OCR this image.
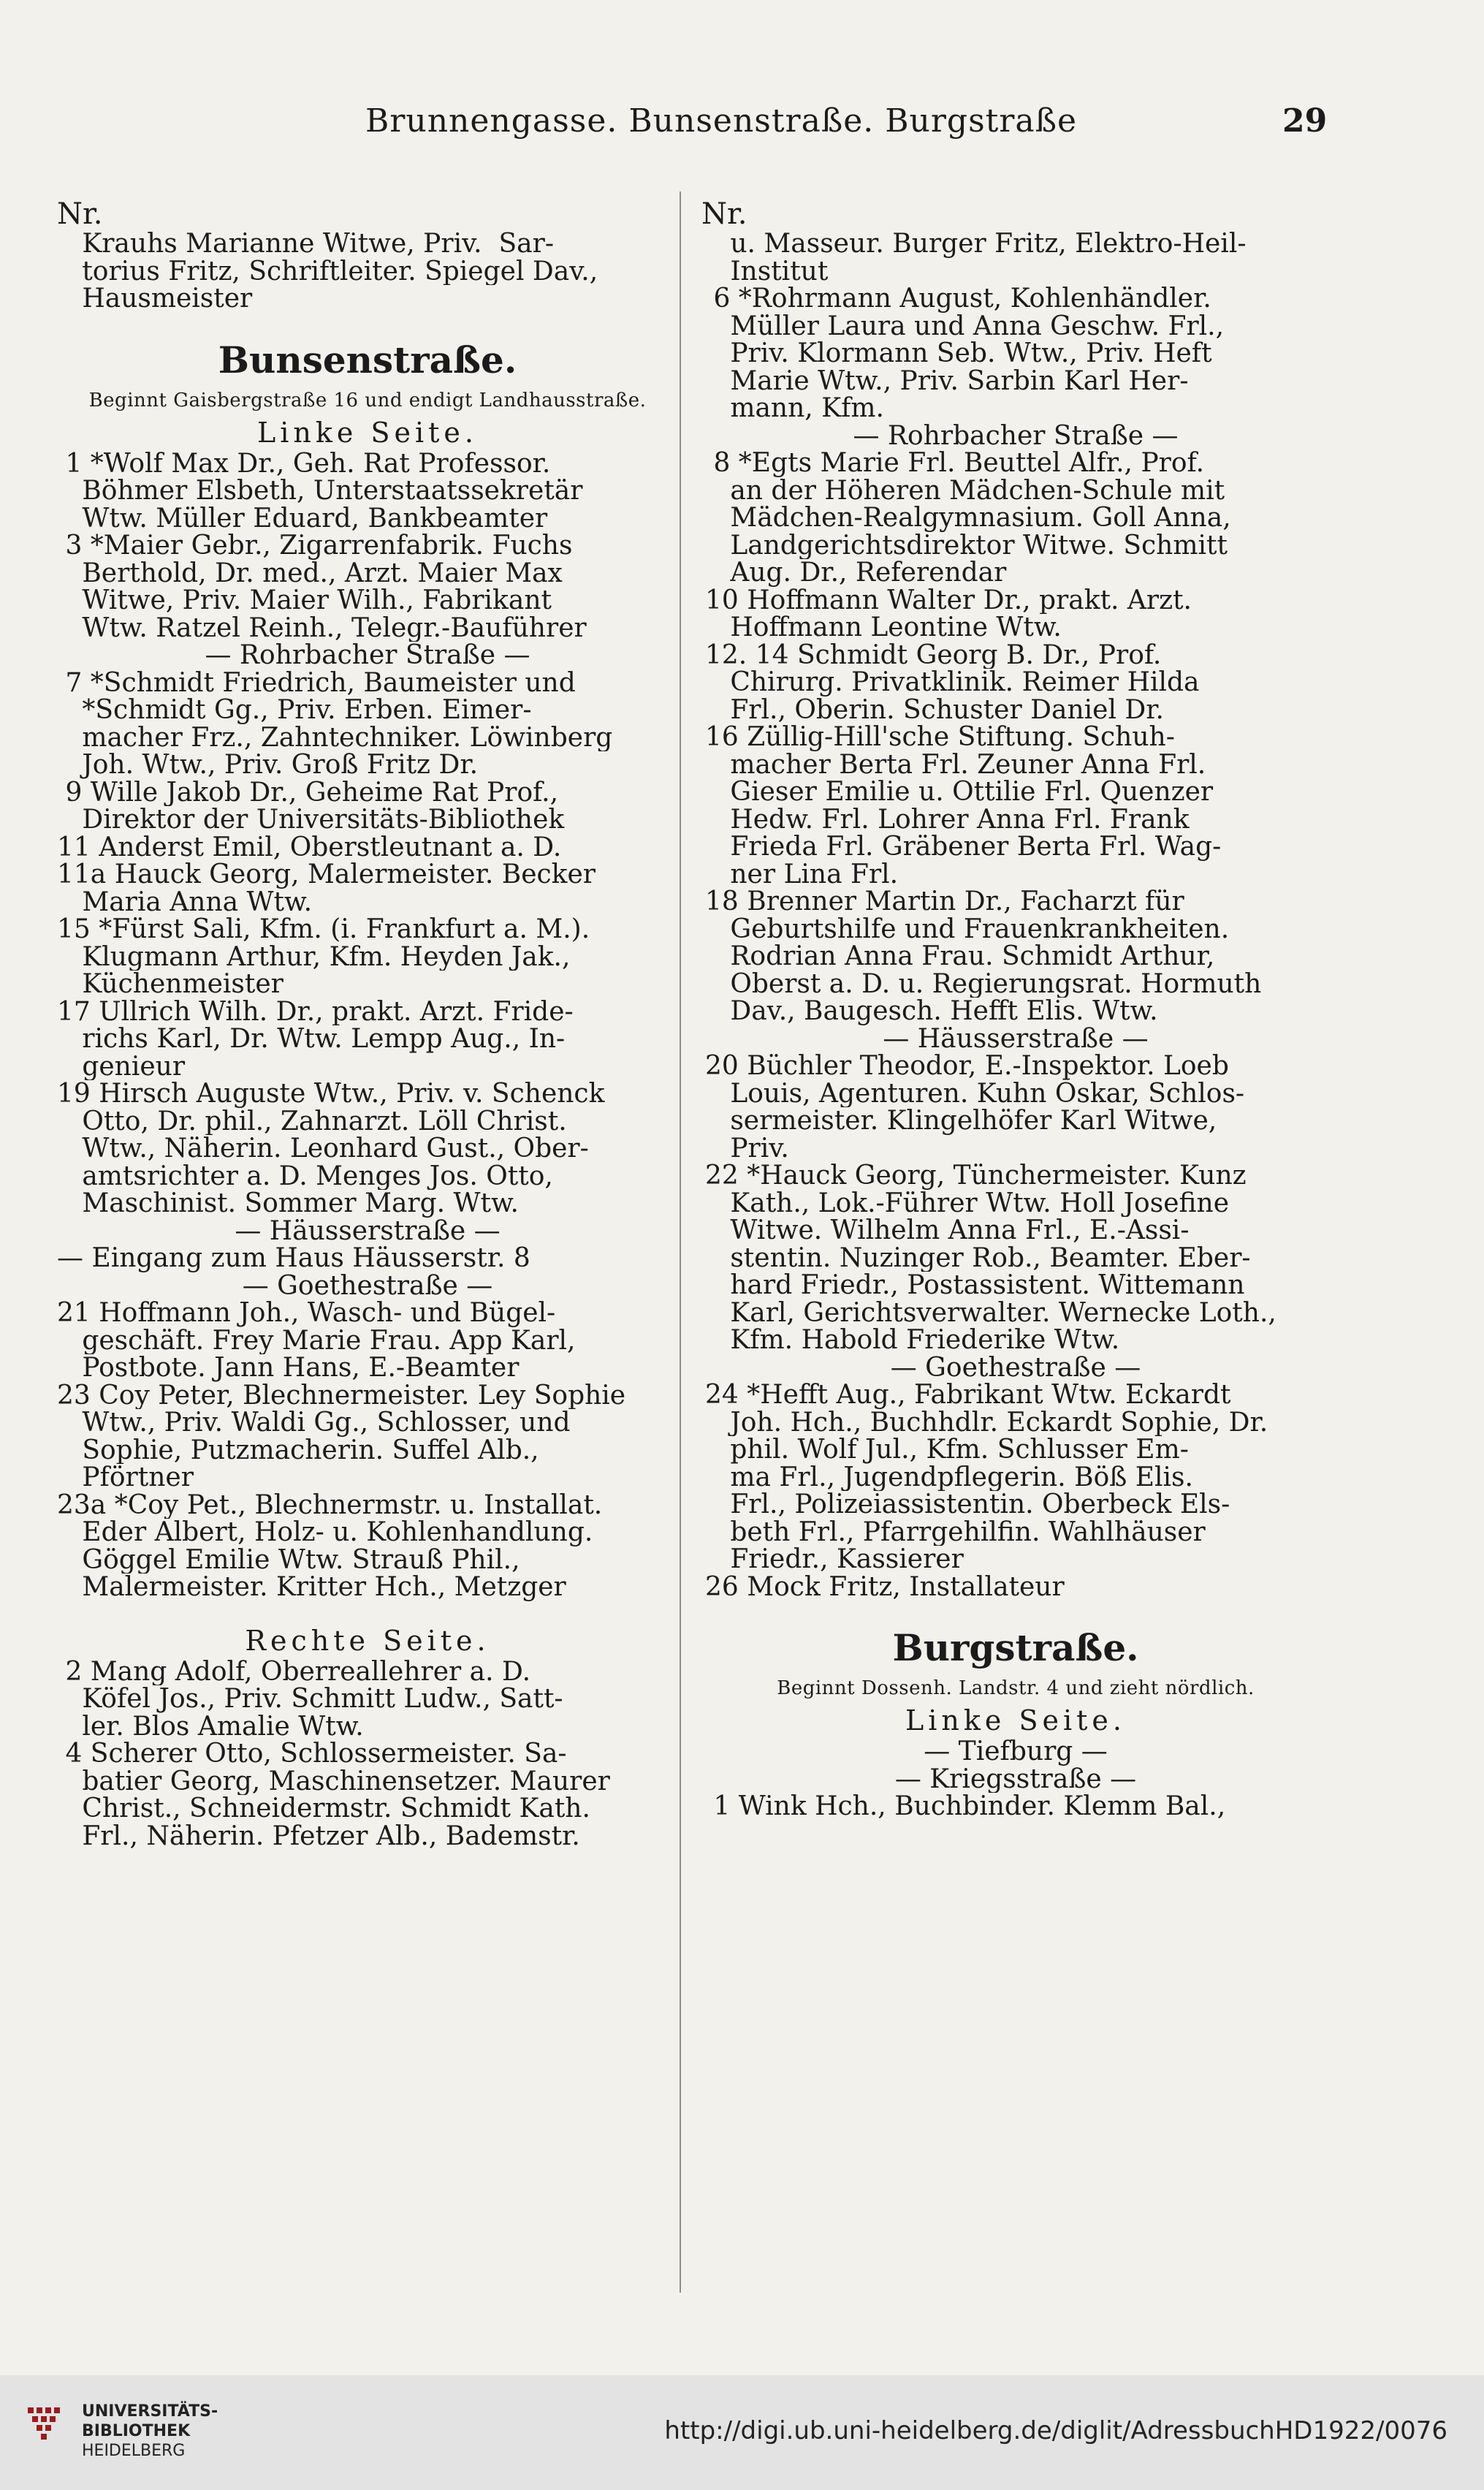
Brunnengasse. Bunsenstraße. Burgstraße	29
Nr.	Nr.
Krauhs Marianne Witwe, Priv.  Sar-
torius Fritz, Schriftleiter. Spiegel Dav.,
Hausmeister
Bunsenstraße.
Beginnt Gaisbergstraße 16 und endigt Landhausstraße.
Linke Seite.
1 *Wolf Max Dr., Geh. Rat Professor.
Böhmer Elsbeth, Unterstaatssekretär
Wtw. Müller Eduard, Bankbeamter
3 *Maier Gebr., Zigarrenfabrik. Fuchs
Berthold, Dr. med., Arzt. Maier Max
Witwe, Priv. Maier Wilh., Fabrikant
Wtw. Ratzel Reinh., Telegr.-Bauführer
— Rohrbacher Straße —
7 *Schmidt Friedrich, Baumeister und
*Schmidt Gg., Priv. Erben. Eimer-
macher Frz., Zahntechniker. Löwinberg
Joh. Wtw., Priv. Groß Fritz Dr.
9 Wille Jakob Dr., Geheime Rat Prof.,
Direktor der Universitäts-Bibliothek
11 Anderst Emil, Oberstleutnant a. D.
11a Hauck Georg, Malermeister. Becker
Maria Anna Wtw.
15 *Fürst Sali, Kfm. (i. Frankfurt a. M.).
Klugmann Arthur, Kfm. Heyden Jak.,
Küchenmeister
17 Ullrich Wilh. Dr., prakt. Arzt. Fride-
richs Karl, Dr. Wtw. Lempp Aug., In-
genieur
19 Hirsch Auguste Wtw., Priv. v. Schenck
Otto, Dr. phil., Zahnarzt. Löll Christ.
Wtw., Näherin. Leonhard Gust., Ober-
amtsrichter a. D. Menges Jos. Otto,
Maschinist. Sommer Marg. Wtw.
— Häusserstraße —
— Eingang zum Haus Häusserstr. 8
— Goethestraße —
21 Hoffmann Joh., Wasch- und Bügel-
geschäft. Frey Marie Frau. App Karl,
Postbote. Jann Hans, E.-Beamter
23 Coy Peter, Blechnermeister. Ley Sophie
Wtw., Priv. Waldi Gg., Schlosser, und
Sophie, Putzmacherin. Suffel Alb.,
Pförtner
23a *Coy Pet., Blechnermstr. u. Installat.
Eder Albert, Holz- u. Kohlenhandlung.
Göggel Emilie Wtw. Strauß Phil.,
Malermeister. Kritter Hch., Metzger
Rechte Seite.
2 Mang Adolf, Oberreallehrer a. D.
Köfel Jos., Priv. Schmitt Ludw., Satt-
ler. Blos Amalie Wtw.
4 Scherer Otto, Schlossermeister. Sa-
batier Georg, Maschinensetzer. Maurer
Christ., Schneidermstr. Schmidt Kath.
Frl., Näherin. Pfetzer Alb., Bademstr.
u. Masseur. Burger Fritz, Elektro-Heil-
Institut
6 *Rohrmann August, Kohlenhändler.
Müller Laura und Anna Geschw. Frl.,
Priv. Klormann Seb. Wtw., Priv. Heft
Marie Wtw., Priv. Sarbin Karl Her-
mann, Kfm.
— Rohrbacher Straße —
8 *Egts Marie Frl. Beuttel Alfr., Prof.
an der Höheren Mädchen-Schule mit
Mädchen-Realgymnasium. Goll Anna,
Landgerichtsdirektor Witwe. Schmitt
Aug. Dr., Referendar
10 Hoffmann Walter Dr., prakt. Arzt.
Hoffmann Leontine Wtw.
12. 14 Schmidt Georg B. Dr., Prof.
Chirurg. Privatklinik. Reimer Hilda
Frl., Oberin. Schuster Daniel Dr.
16 Züllig-Hill'sche Stiftung. Schuh-
macher Berta Frl. Zeuner Anna Frl.
Gieser Emilie u. Ottilie Frl. Quenzer
Hedw. Frl. Lohrer Anna Frl. Frank
Frieda Frl. Gräbener Berta Frl. Wag-
ner Lina Frl.
18 Brenner Martin Dr., Facharzt für
Geburtshilfe und Frauenkrankheiten.
Rodrian Anna Frau. Schmidt Arthur,
Oberst a. D. u. Regierungsrat. Hormuth
Dav., Baugesch. Hefft Elis. Wtw.
— Häusserstraße —
20 Büchler Theodor, E.-Inspektor. Loeb
Louis, Agenturen. Kuhn Oskar, Schlos-
sermeister. Klingelhöfer Karl Witwe,
Priv.
22 *Hauck Georg, Tünchermeister. Kunz
Kath., Lok.-Führer Wtw. Holl Josefine
Witwe. Wilhelm Anna Frl., E.-Assi-
stentin. Nuzinger Rob., Beamter. Eber-
hard Friedr., Postassistent. Wittemann
Karl, Gerichtsverwalter. Wernecke Loth.,
Kfm. Habold Friederike Wtw.
— Goethestraße —
24 *Hefft Aug., Fabrikant Wtw. Eckardt
Joh. Hch., Buchhdlr. Eckardt Sophie, Dr.
phil. Wolf Jul., Kfm. Schlusser Em-
ma Frl., Jugendpflegerin. Böß Elis.
Frl., Polizeiassistentin. Oberbeck Els-
beth Frl., Pfarrgehilfin. Wahlhäuser
Friedr., Kassierer
26 Mock Fritz, Installateur
Burgstraße.
Beginnt Dossenh. Landstr. 4 und zieht nördlich.
Linke Seite.
— Tiefburg —
— Kriegsstraße —
1 Wink Hch., Buchbinder. Klemm Bal.,
UNIVERSITÄTS-
BIBLIOTHEK
HEIDELBERG
http://digi.ub.uni-heidelberg.de/diglit/AdressbuchHD1922/0076
